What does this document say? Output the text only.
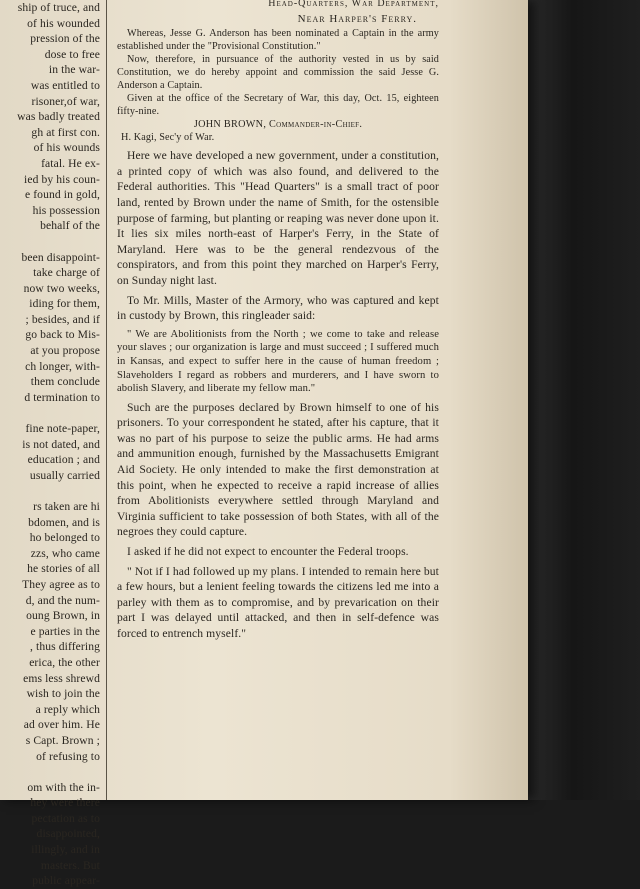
ship of truce, and
of his wounded
pression of the
dose to free
in the war-
was entitled to
risoner,of war,
was badly treated
gh at first con.
of his wounds
fatal. He ex-
ied by his coun-
e found in gold,
his possession
behalf of the
been disappoint-
take charge of
now two weeks,
iding for them,
; besides, and if
go back to Mis-
at you propose
ch longer, with-
them conclude
d termination to
fine note-paper,
is not dated, and
education ; and
usually carried
rs taken are hi
bdomen, and is
ho belonged to
zzs, who came
he stories of all
They agree as to
d, and the num-
oung Brown, in
e parties in the
, thus differing
erica, the other
ems less shrewd
wish to join the
a reply which
ad over him. He
s Capt. Brown ;
of refusing to
om with the in-
hey were there
pectation as to
disappointed,
illingly, and in
masters. But
public appear-
Head-Quarters, War Department,
Near Harper's Ferry.

Whereas, Jesse G. Anderson has been nominated a Captain in the army established under the "Provisional Constitution."

Now, therefore, in pursuance of the authority vested in us by said Constitution, we do hereby appoint and commission the said Jesse G. Anderson a Captain.

Given at the office of the Secretary of War, this day, Oct. 15, eighteen fifty-nine.

JOHN BROWN, Commander-in-Chief.

H. Kagi, Sec'y of War.

Here we have developed a new government, under a constitution, a printed copy of which was also found, and delivered to the Federal authorities. This "Head Quarters" is a small tract of poor land, rented by Brown under the name of Smith, for the ostensible purpose of farming, but planting or reaping was never done upon it. It lies six miles north-east of Harper's Ferry, in the State of Maryland. Here was to be the general rendezvous of the conspirators, and from this point they marched on Harper's Ferry, on Sunday night last.

To Mr. Mills, Master of the Armory, who was captured and kept in custody by Brown, this ringleader said:

" We are Abolitionists from the North ; we come to take and release your slaves ; our organization is large and must succeed ; I suffered much in Kansas, and expect to suffer here in the cause of human freedom ; Slaveholders I regard as robbers and murderers, and I have sworn to abolish Slavery, and liberate my fellow man."

Such are the purposes declared by Brown himself to one of his prisoners. To your correspondent he stated, after his capture, that it was no part of his purpose to seize the public arms. He had arms and ammunition enough, furnished by the Massachusetts Emigrant Aid Society. He only intended to make the first demonstration at this point, when he expected to receive a rapid increase of allies from Abolitionists everywhere settled through Maryland and Virginia sufficient to take possession of both States, with all of the negroes they could capture.

I asked if he did not expect to encounter the Federal troops.

" Not if I had followed up my plans. I intended to remain here but a few hours, but a lenient feeling towards the citizens led me into a parley with them as to compromise, and by prevarication on their part I was delayed until attacked, and then in self-defence was forced to entrench myself."
